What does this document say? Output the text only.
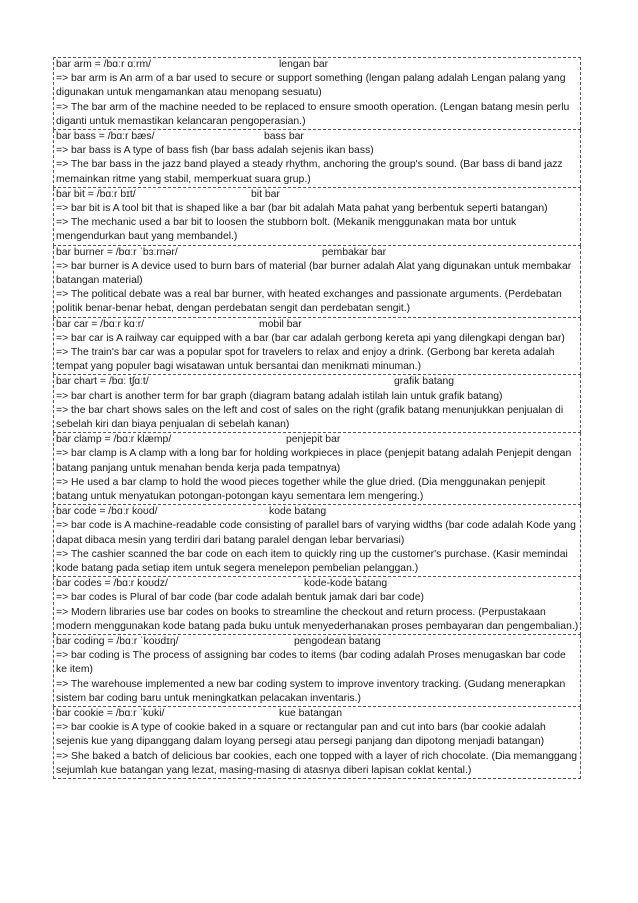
bar arm = /bɑːr ɑːrm/	lengan bar
=> bar arm is An arm of a bar used to secure or support something (lengan palang adalah Lengan palang yang digunakan untuk mengamankan atau menopang sesuatu)
=> The bar arm of the machine needed to be replaced to ensure smooth operation. (Lengan batang mesin perlu diganti untuk memastikan kelancaran pengoperasian.)
bar bass = /bɑːr bæs/	bass bar
=> bar bass is A type of bass fish (bar bass adalah sejenis ikan bass)
=> The bar bass in the jazz band played a steady rhythm, anchoring the group's sound. (Bar bass di band jazz memainkan ritme yang stabil, memperkuat suara grup.)
bar bit = /bɑːr bɪt/	bit bar
=> bar bit is A tool bit that is shaped like a bar (bar bit adalah Mata pahat yang berbentuk seperti batangan)
=> The mechanic used a bar bit to loosen the stubborn bolt. (Mekanik menggunakan mata bor untuk mengendurkan baut yang membandel.)
bar burner = /bɑːr ˈbɜːrnər/	pembakar bar
=> bar burner is A device used to burn bars of material (bar burner adalah Alat yang digunakan untuk membakar batangan material)
=> The political debate was a real bar burner, with heated exchanges and passionate arguments. (Perdebatan politik benar-benar hebat, dengan perdebatan sengit dan perdebatan sengit.)
bar car = /bɑːr kɑːr/	mobil bar
=> bar car is A railway car equipped with a bar (bar car adalah gerbong kereta api yang dilengkapi dengan bar)
=> The train's bar car was a popular spot for travelers to relax and enjoy a drink. (Gerbong bar kereta adalah tempat yang populer bagi wisatawan untuk bersantai dan menikmati minuman.)
bar chart = /bɑː tʃɑːt/	grafik batang
=> bar chart is another term for bar graph (diagram batang adalah istilah lain untuk grafik batang)
=> the bar chart shows sales on the left and cost of sales on the right (grafik batang menunjukkan penjualan di sebelah kiri dan biaya penjualan di sebelah kanan)
bar clamp = /bɑːr klæmp/	penjepit bar
=> bar clamp is A clamp with a long bar for holding workpieces in place (penjepit batang adalah Penjepit dengan batang panjang untuk menahan benda kerja pada tempatnya)
=> He used a bar clamp to hold the wood pieces together while the glue dried. (Dia menggunakan penjepit batang untuk menyatukan potongan-potongan kayu sementara lem mengering.)
bar code = /bɑːr koʊd/	kode batang
=> bar code is A machine-readable code consisting of parallel bars of varying widths (bar code adalah Kode yang dapat dibaca mesin yang terdiri dari batang paralel dengan lebar bervariasi)
=> The cashier scanned the bar code on each item to quickly ring up the customer's purchase. (Kasir memindai kode batang pada setiap item untuk segera menelepon pembelian pelanggan.)
bar codes = /bɑːr koʊdz/	kode-kode batang
=> bar codes is Plural of bar code (bar code adalah bentuk jamak dari bar code)
=> Modern libraries use bar codes on books to streamline the checkout and return process. (Perpustakaan modern menggunakan kode batang pada buku untuk menyederhanakan proses pembayaran dan pengembalian.)
bar coding = /bɑːr ˈkoʊdɪŋ/	pengodean batang
=> bar coding is The process of assigning bar codes to items (bar coding adalah Proses menugaskan bar code ke item)
=> The warehouse implemented a new bar coding system to improve inventory tracking. (Gudang menerapkan sistem bar coding baru untuk meningkatkan pelacakan inventaris.)
bar cookie = /bɑːr ˈkʊki/	kue batangan
=> bar cookie is A type of cookie baked in a square or rectangular pan and cut into bars (bar cookie adalah sejenis kue yang dipanggang dalam loyang persegi atau persegi panjang dan dipotong menjadi batangan)
=> She baked a batch of delicious bar cookies, each one topped with a layer of rich chocolate. (Dia memanggang sejumlah kue batangan yang lezat, masing-masing di atasnya diberi lapisan coklat kental.)
